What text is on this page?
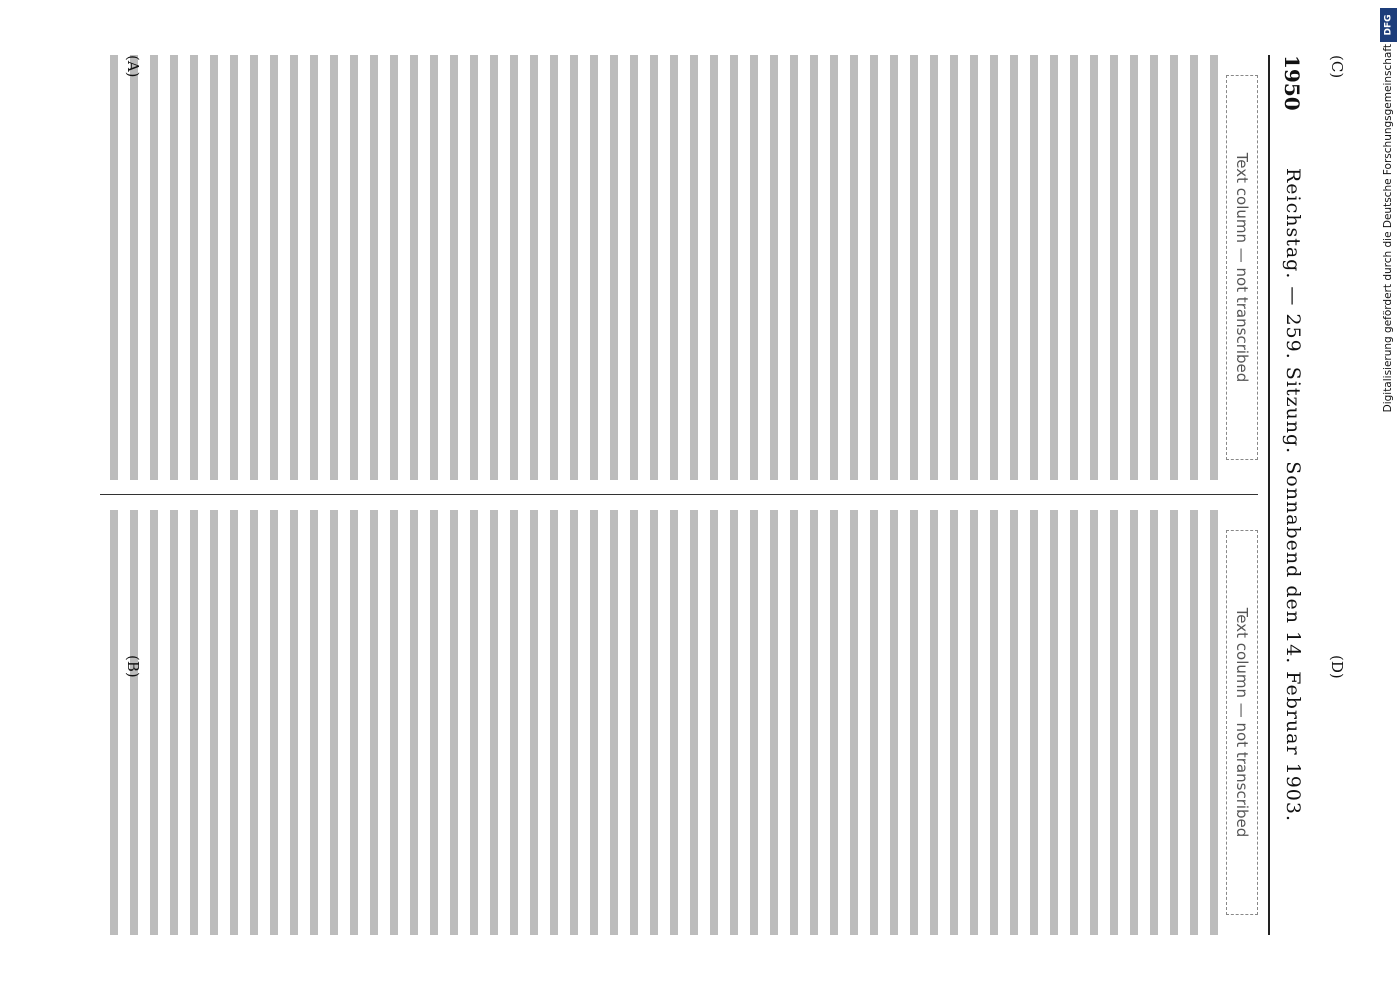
1950
Reichstag. — 259. Sitzung. Sonnabend den 14. Februar 1903.
Text column — not transcribed
Text column — not transcribed
(A)
(B)
(C)
(D)
Digitalisierung gefördert durch die Deutsche Forschungsgemeinschaft
DFG
